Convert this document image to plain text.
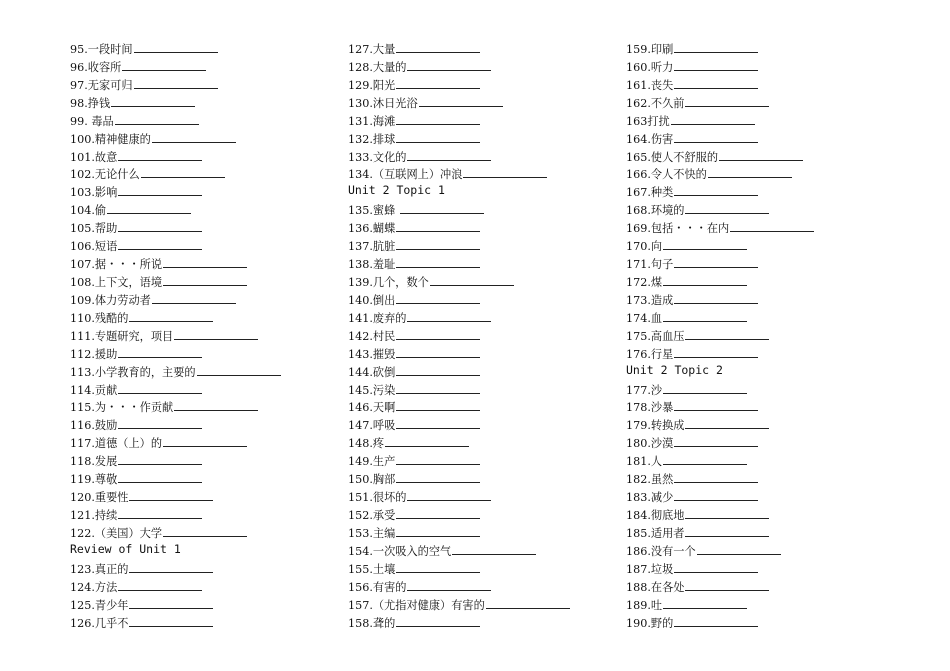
95.一段时间
96.收容所
97.无家可归
98.挣钱
99. 毒品
100.精神健康的
101.故意
102.无论什么
103.影响
104.偷
105.帮助
106.短语
107.据・・・所说
108.上下文，语境
109.体力劳动者
110.残酷的
111.专题研究，项目
112.援助
113.小学教育的，主要的
114.贡献
115.为・・・作贡献
116.鼓励
117.道德（上）的
118.发展
119.尊敬
120.重要性
121.持续
122.（美国）大学
Review of Unit 1
123.真正的
124.方法
125.青少年
126.几乎不
127.大量
128.大量的
129.阳光
130.沐日光浴
131.海滩
132.排球
133.文化的
134.（互联网上）冲浪
Unit 2 Topic 1
135.蜜蜂
136.蝴蝶
137.肮脏
138.羞耻
139.几个，数个
140.倒出
141.废弃的
142.村民
143.摧毁
144.砍倒
145.污染
146.天啊
147.呼吸
148.疼
149.生产
150.胸部
151.很坏的
152.承受
153.主编
154.一次吸入的空气
155.土壤
156.有害的
157.（尤指对健康）有害的
158.聋的
159.印刷
160.听力
161.丧失
162.不久前
163打扰
164.伤害
165.使人不舒服的
166.令人不快的
167.种类
168.环境的
169.包括・・・在内
170.向
171.句子
172.煤
173.造成
174.血
175.高血压
176.行星
Unit 2 Topic 2
177.沙
178.沙暴
179.转换成
180.沙漠
181.人
182.虽然
183.减少
184.彻底地
185.适用者
186.没有一个
187.垃圾
188.在各处
189.吐
190.野的
